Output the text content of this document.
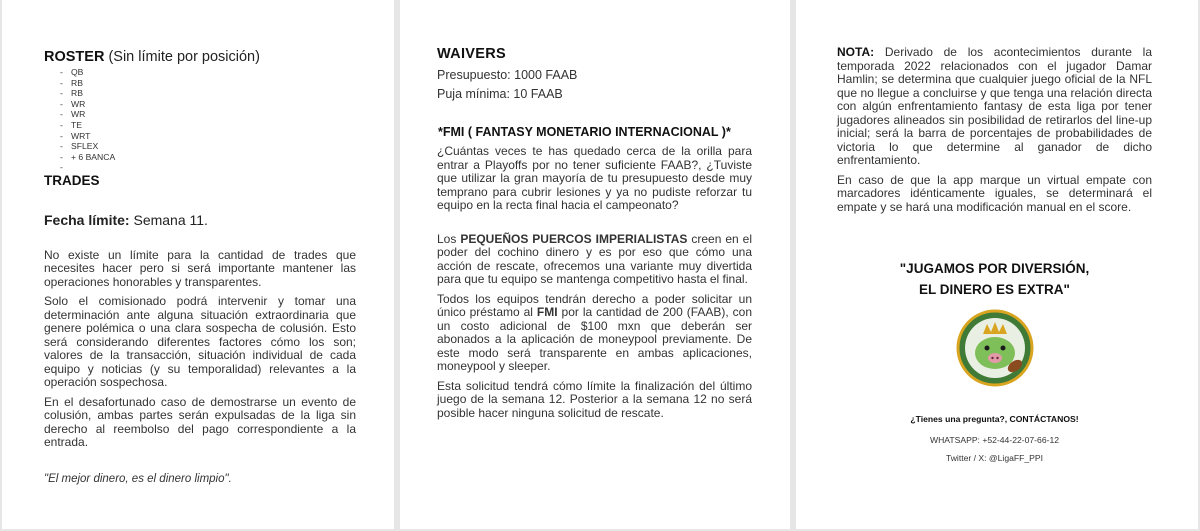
ROSTER (Sin límite por posición)

- QB
- RB
- RB
- WR
- WR
- TE
- WRT
- SFLEX
- + 6 BANCA
-

TRADES

Fecha límite: Semana 11.

No existe un límite para la cantidad de trades que necesites hacer pero si será importante mantener las operaciones honorables y transparentes.

Solo el comisionado podrá intervenir y tomar una determinación ante alguna situación extraordinaria que genere polémica o una clara sospecha de colusión. Esto será considerando diferentes factores cómo los son; valores de la transacción, situación individual de cada equipo y noticias (y su temporalidad) relevantes a la operación sospechosa.

En el desafortunado caso de demostrarse un evento de colusión, ambas partes serán expulsadas de la liga sin derecho al reembolso del pago correspondiente a la entrada.

"El mejor dinero, es el dinero limpio".

WAIVERS

Presupuesto: 1000 FAAB

Puja mínima: 10 FAAB

*FMI ( FANTASY MONETARIO INTERNACIONAL )*

¿Cuántas veces te has quedado cerca de la orilla para entrar a Playoffs por no tener suficiente FAAB?, ¿Tuviste que utilizar la gran mayoría de tu presupuesto desde muy temprano para cubrir lesiones y ya no pudiste reforzar tu equipo en la recta final hacia el campeonato?

Los PEQUEÑOS PUERCOS IMPERIALISTAS creen en el poder del cochino dinero y es por eso que cómo una acción de rescate, ofrecemos una variante muy divertida para que tu equipo se mantenga competitivo hasta el final.

Todos los equipos tendrán derecho a poder solicitar un único préstamo al FMI por la cantidad de 200 (FAAB), con un costo adicional de $100 mxn que deberán ser abonados a la aplicación de moneypool previamente. De este modo será transparente en ambas aplicaciones, moneypool y sleeper.

Esta solicitud tendrá cómo límite la finalización del último juego de la semana 12. Posterior a la semana 12 no será posible hacer ninguna solicitud de rescate.

NOTA: Derivado de los acontecimientos durante la temporada 2022 relacionados con el jugador Damar Hamlin; se determina que cualquier juego oficial de la NFL que no llegue a concluirse y que tenga una relación directa con algún enfrentamiento fantasy de esta liga por tener jugadores alineados sin posibilidad de retirarlos del line-up inicial; será la barra de porcentajes de probabilidades de victoria lo que determine al ganador de dicho enfrentamiento.

En caso de que la app marque un virtual empate con marcadores idénticamente iguales, se determinará el empate y se hará una modificación manual en el score.

"JUGAMOS POR DIVERSIÓN,

EL DINERO ES EXTRA"

¿Tienes una pregunta?, CONTÁCTANOS!

WHATSAPP: +52-44-22-07-66-12

Twitter / X: @LigaFF_PPI
